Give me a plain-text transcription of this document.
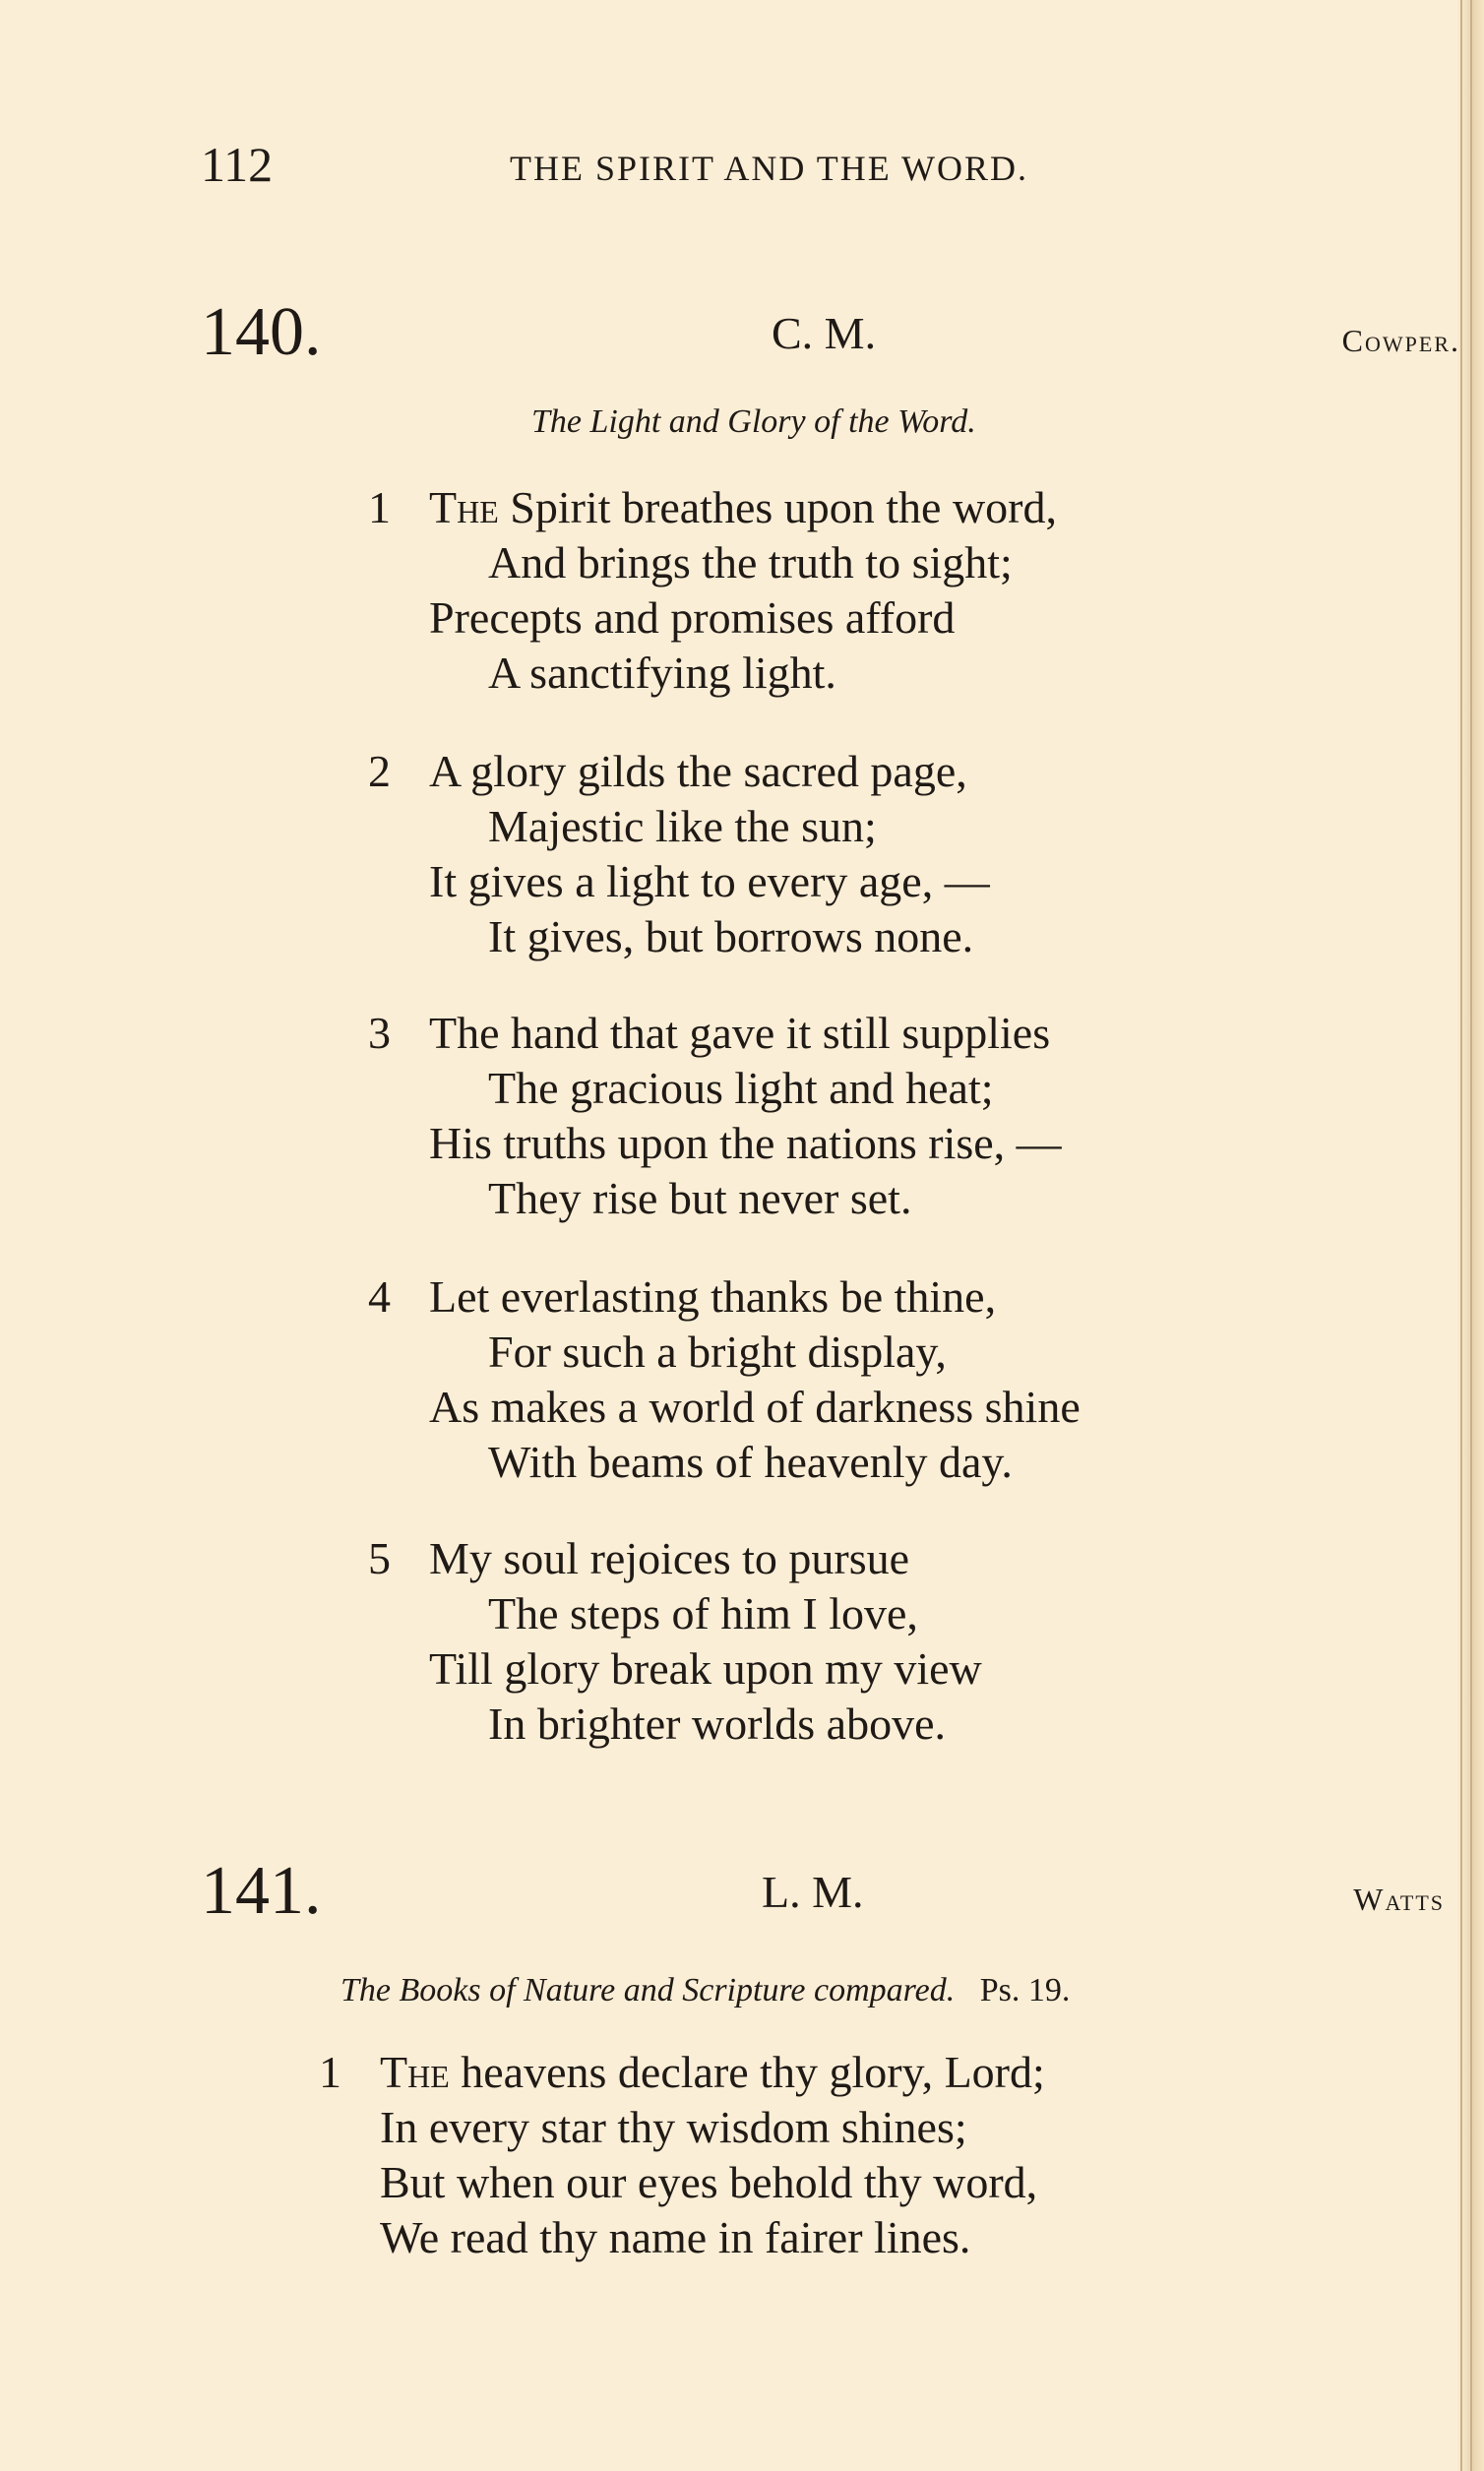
112	THE SPIRIT AND THE WORD.
140.	C. M.	Cowper.
The Light and Glory of the Word.
1 The Spirit breathes upon the word,
And brings the truth to sight;
Precepts and promises afford
A sanctifying light.
2 A glory gilds the sacred page,
Majestic like the sun;
It gives a light to every age, —
It gives, but borrows none.
3 The hand that gave it still supplies
The gracious light and heat;
His truths upon the nations rise, —
They rise but never set.
4 Let everlasting thanks be thine,
For such a bright display,
As makes a world of darkness shine
With beams of heavenly day.
5 My soul rejoices to pursue
The steps of him I love,
Till glory break upon my view
In brighter worlds above.
141.	L. M.	Watts
The Books of Nature and Scripture compared. Ps. 19.
1 The heavens declare thy glory, Lord;
In every star thy wisdom shines;
But when our eyes behold thy word,
We read thy name in fairer lines.
